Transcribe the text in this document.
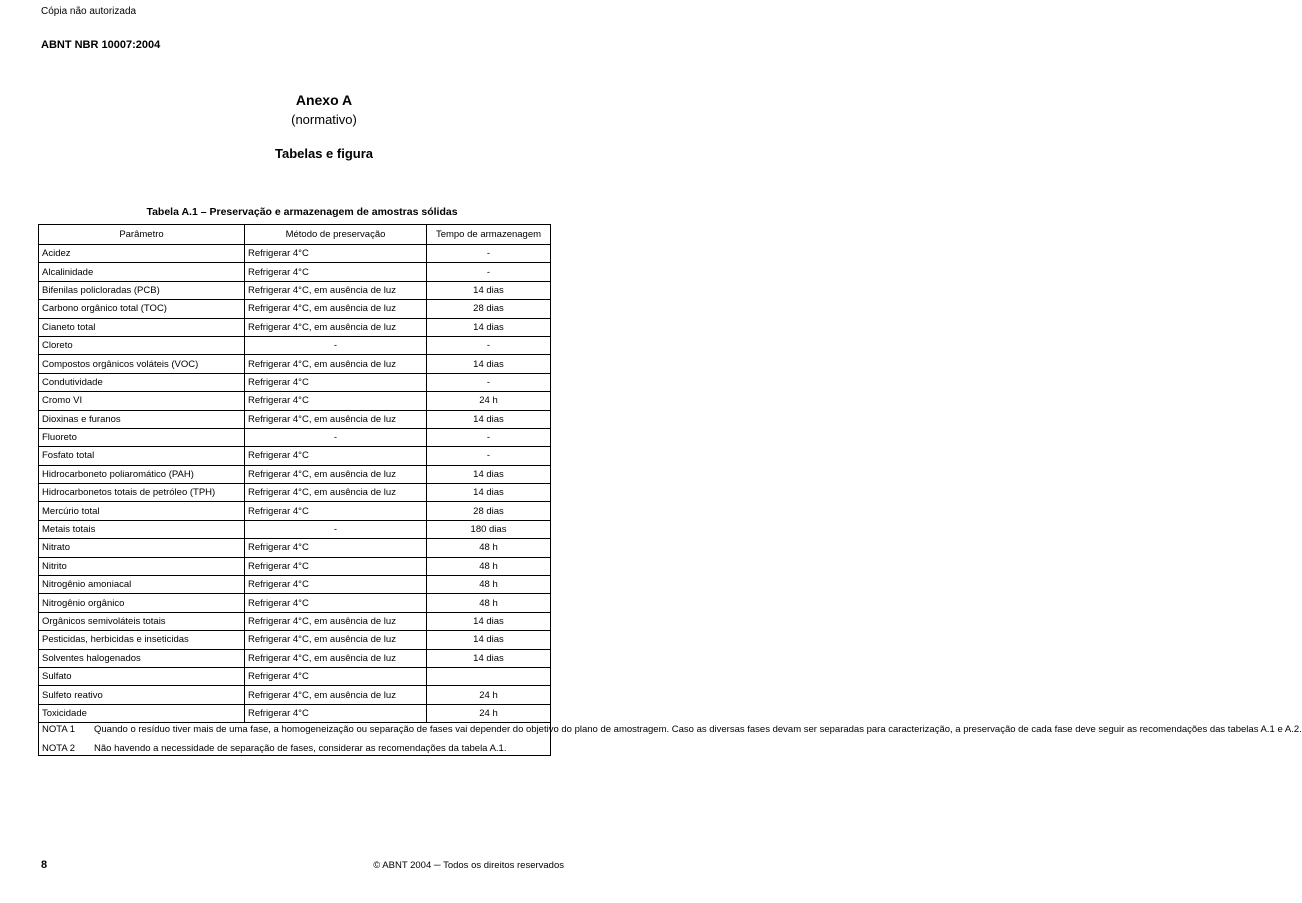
Cópia não autorizada
ABNT NBR 10007:2004
Anexo A
(normativo)
Tabelas e figura
Tabela A.1 – Preservação e armazenagem de amostras sólidas
Parâmetro	Método de preservação	Tempo de armazenagem
Acidez	Refrigerar 4°C	-
Alcalinidade	Refrigerar 4°C	-
Bifenilas policloradas (PCB)	Refrigerar 4°C, em ausência de luz	14 dias
Carbono orgânico total (TOC)	Refrigerar 4°C, em ausência de luz	28 dias
Cianeto total	Refrigerar 4°C, em ausência de luz	14 dias
Cloreto	-	-
Compostos orgânicos voláteis (VOC)	Refrigerar 4°C, em ausência de luz	14 dias
Condutividade	Refrigerar 4°C	-
Cromo VI	Refrigerar 4°C	24 h
Dioxinas e furanos	Refrigerar 4°C, em ausência de luz	14 dias
Fluoreto	-	-
Fosfato total	Refrigerar 4°C	-
Hidrocarboneto poliaromático (PAH)	Refrigerar 4°C, em ausência de luz	14 dias
Hidrocarbonetos totais de petróleo (TPH)	Refrigerar 4°C, em ausência de luz	14 dias
Mercúrio total	Refrigerar 4°C	28 dias
Metais totais	-	180 dias
Nitrato	Refrigerar 4°C	48 h
Nitrito	Refrigerar 4°C	48 h
Nitrogênio amoniacal	Refrigerar 4°C	48 h
Nitrogênio orgânico	Refrigerar 4°C	48 h
Orgânicos semivoláteis totais	Refrigerar 4°C, em ausência de luz	14 dias
Pesticidas, herbicidas e inseticidas	Refrigerar 4°C, em ausência de luz	14 dias
Solventes halogenados	Refrigerar 4°C, em ausência de luz	14 dias
Sulfato	Refrigerar 4°C	
Sulfeto reativo	Refrigerar 4°C, em ausência de luz	24 h
Toxicidade	Refrigerar 4°C	24 h

NOTA 1 Quando o resíduo tiver mais de uma fase, a homogeneização ou separação de fases vai depender do objetivo do plano de amostragem. Caso as diversas fases devam ser separadas para caracterização, a preservação de cada fase deve seguir as recomendações das tabelas A.1 e A.2.

NOTA 2 Não havendo a necessidade de separação de fases, considerar as recomendações da tabela A.1.		

8	© ABNT 2004 ─ Todos os direitos reservados
